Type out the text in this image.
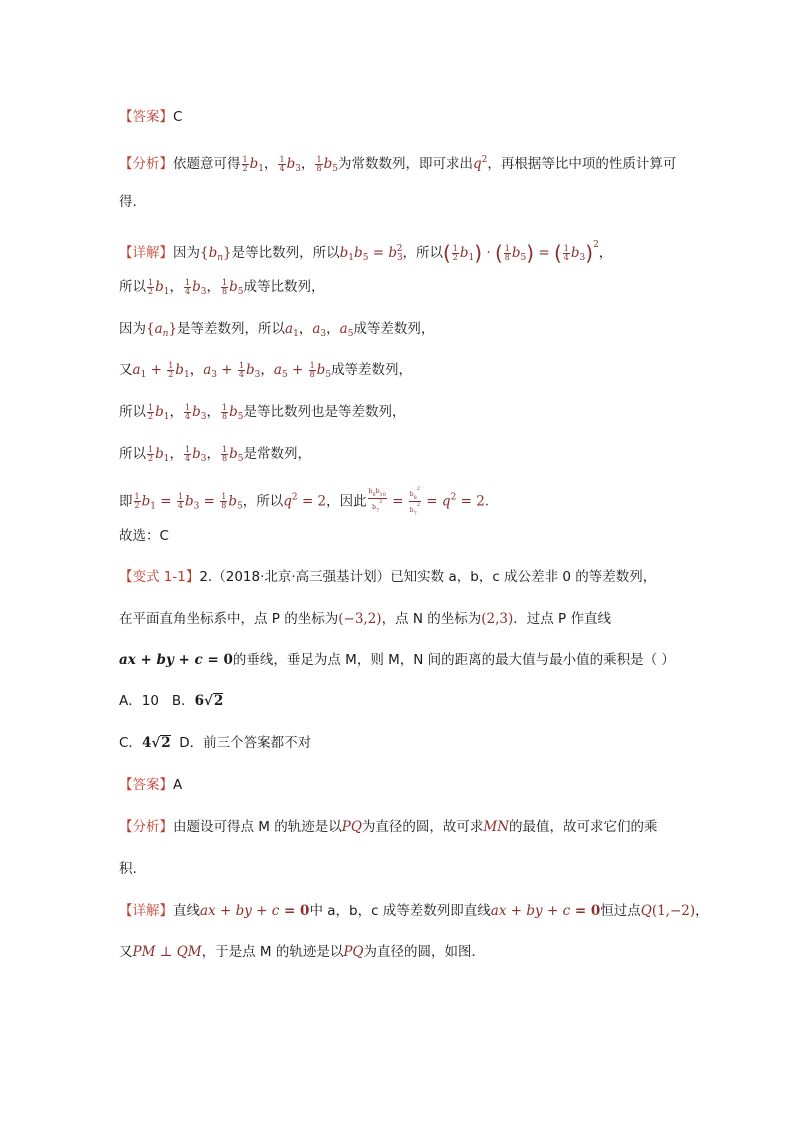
【答案】C
【分析】依题意可得 $\frac{1}{2} b_1$， $\frac{1}{4} b_3$， $\frac{1}{8} b_5$为常数数列，即可求出$q^2$，再根据等比中项的性质计算可
得.
【详解】因为$\{b_n\}$是等比数列，所以$b_1b_5 = b_3^2$，所以( $\frac{1}{2} b_1$) · ( $\frac{1}{8} b_5$) = ( $\frac{1}{4} b_3)^2$，
所以 $\frac{1}{2} b_1$， $\frac{1}{4} b_3$， $\frac{1}{8} b_5$成等比数列，
因为$\{a_n\}$是等差数列，所以$a_1$，$a_3$，$a_5$成等差数列，
又$a_1 + \frac{1}{2} b_1$，$a_3 + \frac{1}{4} b_3$，$a_5 + \frac{1}{8} b_5$成等差数列，
所以 $\frac{1}{2} b_1$， $\frac{1}{4} b_3$， $\frac{1}{8} b_5$是等比数列也是等差数列，
所以 $\frac{1}{2} b_1$， $\frac{1}{4} b_3$， $\frac{1}{8} b_5$是常数列，
即 $\frac{1}{2} b_1 = \frac{1}{4} b_3 = \frac{1}{8} b_5$，所以$q^2 = 2$，因此 $\frac{b_6b_{10}}{b_7^2} = \frac{b_8^2}{b_7^2} = q^2 = 2$.
故选：C
【变式 1-1】2.（2018·北京·高三强基计划）已知实数 a，b，c 成公差非 0 的等差数列，
在平面直角坐标系中，点 P 的坐标为(−3,2)，点 N 的坐标为(2,3)．过点 P 作直线
ax + by + c = 0的垂线，垂足为点 M，则 M，N 间的距离的最大值与最小值的乘积是（ ）
A．10 B．6√2
C．4√2 D．前三个答案都不对
【答案】A
【分析】由题设可得点 M 的轨迹是以PQ为直径的圆，故可求MN的最值，故可求它们的乘
积.
【详解】直线ax + by + c = 0中 a，b，c 成等差数列即直线ax + by + c = 0恒过点Q(1,−2)，
又PM ⊥ QM，于是点 M 的轨迹是以PQ为直径的圆，如图．
